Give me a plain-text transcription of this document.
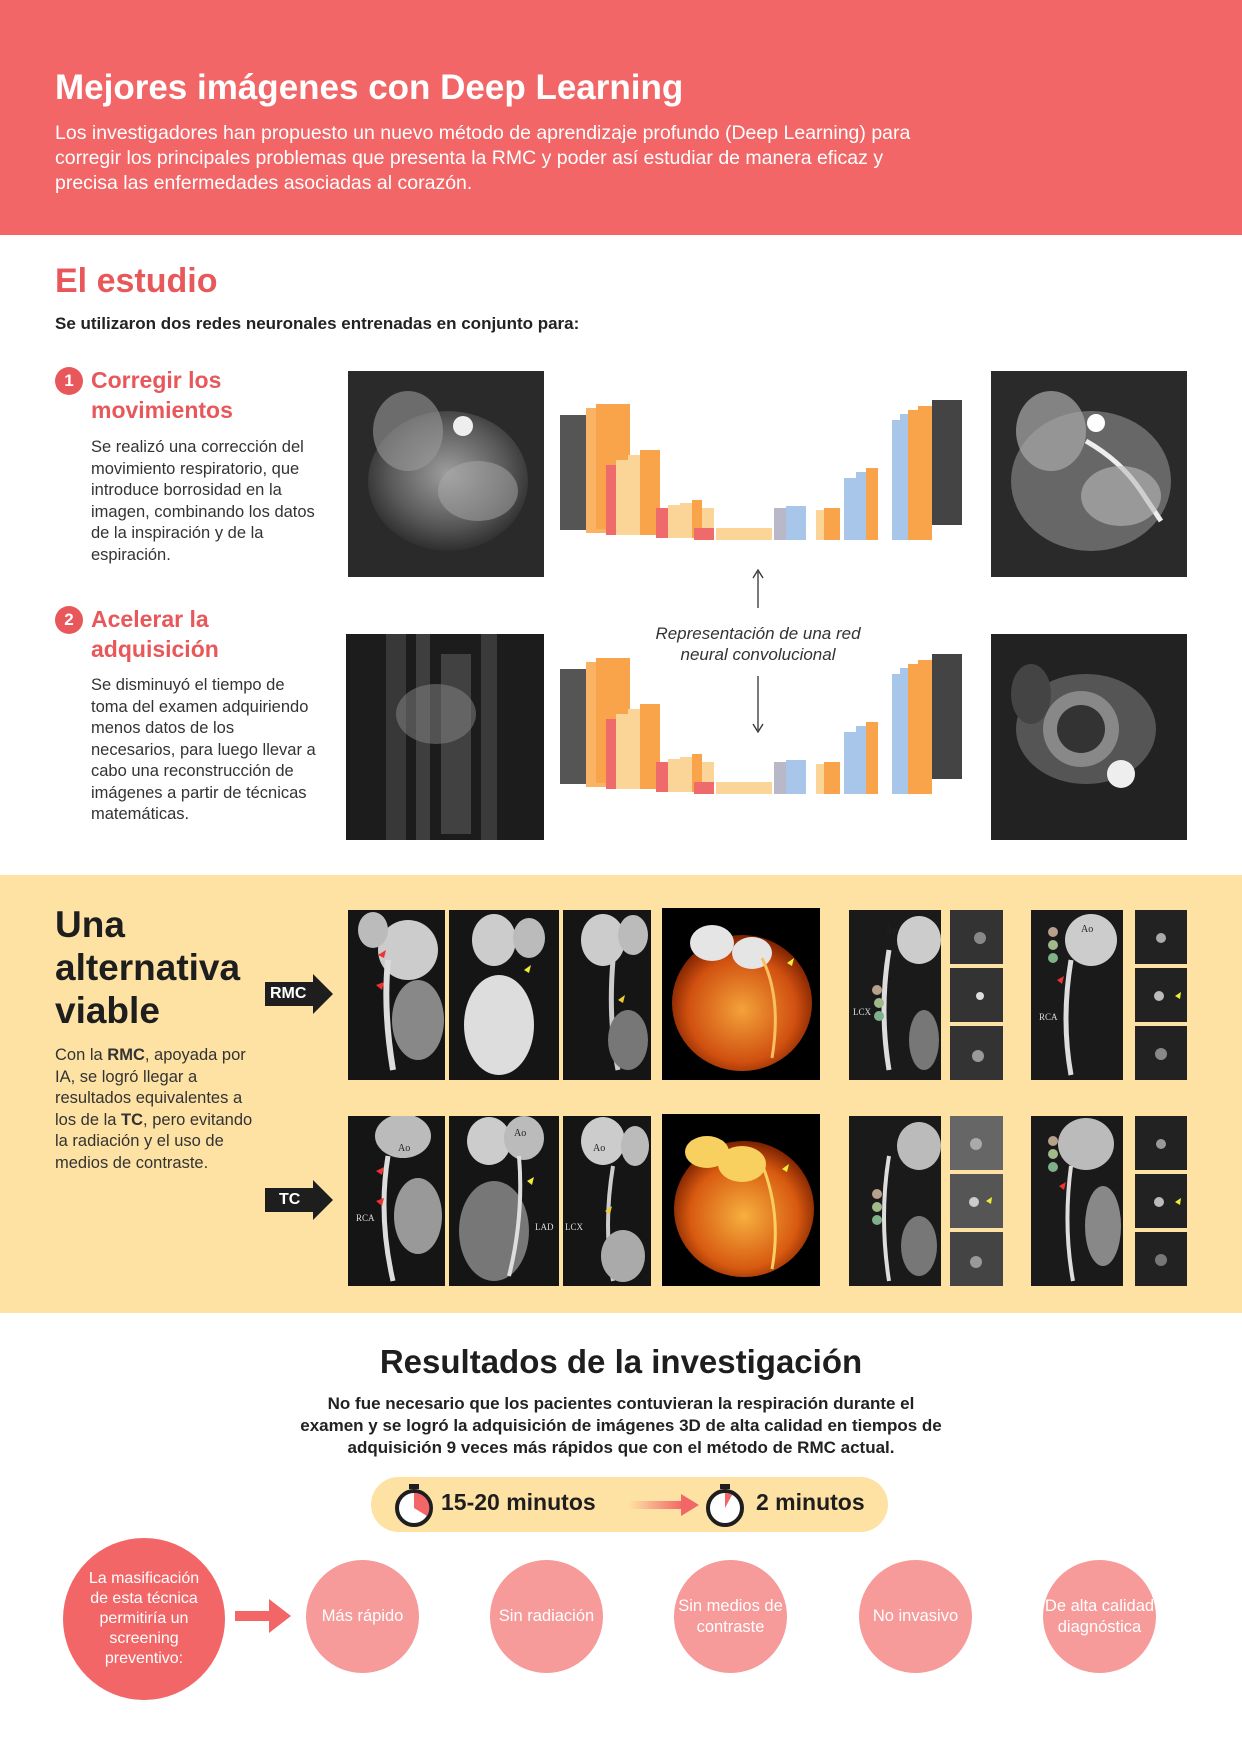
Mejores imágenes con Deep Learning

Los investigadores han propuesto un nuevo método de aprendizaje profundo (Deep Learning) para corregir los principales problemas que presenta la RMC y poder así estudiar de manera eficaz y precisa las enfermedades asociadas al corazón.

El estudio
Se utilizaron dos redes neuronales entrenadas en conjunto para:
1 Corregir los movimientos
Se realizó una corrección del movimiento respiratorio, que introduce borrosidad en la imagen, combinando los datos de la inspiración y de la espiración.
2 Acelerar la adquisición
Se disminuyó el tiempo de toma del examen adquiriendo menos datos de los necesarios, para luego llevar a cabo una reconstrucción de imágenes a partir de técnicas matemáticas.
Representación de una red neural convolucional
Una alternativa viable
Con la RMC, apoyada por IA, se logró llegar a resultados equivalentes a los de la TC, pero evitando la radiación y el uso de medios de contraste.
RMC
TC
Ao
LCX
Ao
RCA
Ao
RCA
Ao
LAD
Ao
LCX
Resultados de la investigación
No fue necesario que los pacientes contuvieran la respiración durante el examen y se logró la adquisición de imágenes 3D de alta calidad en tiempos de adquisición 9 veces más rápidos que con el método de RMC actual.
15-20 minutos	2 minutos
La masificación de esta técnica permitiría un screening preventivo:
Más rápido	Sin radiación
Sin medios de contraste
No invasivo
De alta calidad diagnóstica
